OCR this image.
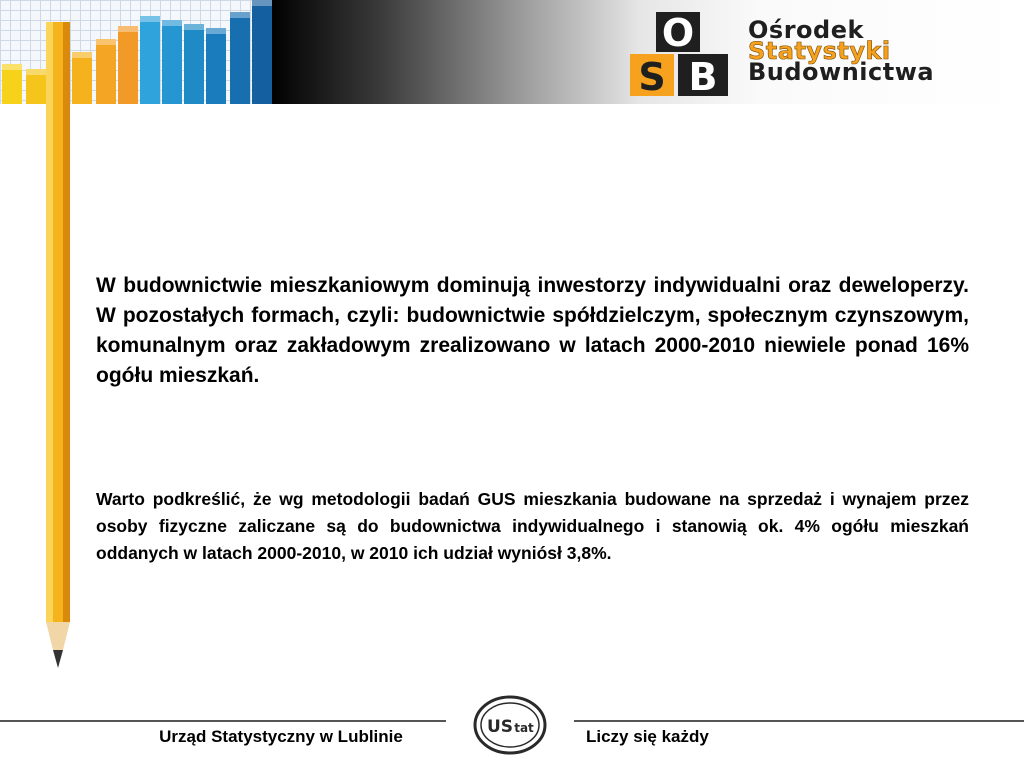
O
S B
Ośrodek
Statystyki
Budownictwa
W budownictwie mieszkaniowym dominują inwestorzy indywidualni oraz deweloperzy. W pozostałych formach, czyli: budownictwie spółdzielczym, społecznym czynszowym, komunalnym oraz zakładowym zrealizowano w latach 2000-2010 niewiele ponad 16% ogółu mieszkań.
Warto podkreślić, że wg metodologii badań GUS mieszkania budowane na sprzedaż i wynajem przez osoby fizyczne zaliczane są do budownictwa indywidualnego i stanowią ok. 4% ogółu mieszkań oddanych w latach 2000-2010, w 2010 ich udział wyniósł 3,8%.
US tat
Urząd Statystyczny w Lublinie	Liczy się każdy
